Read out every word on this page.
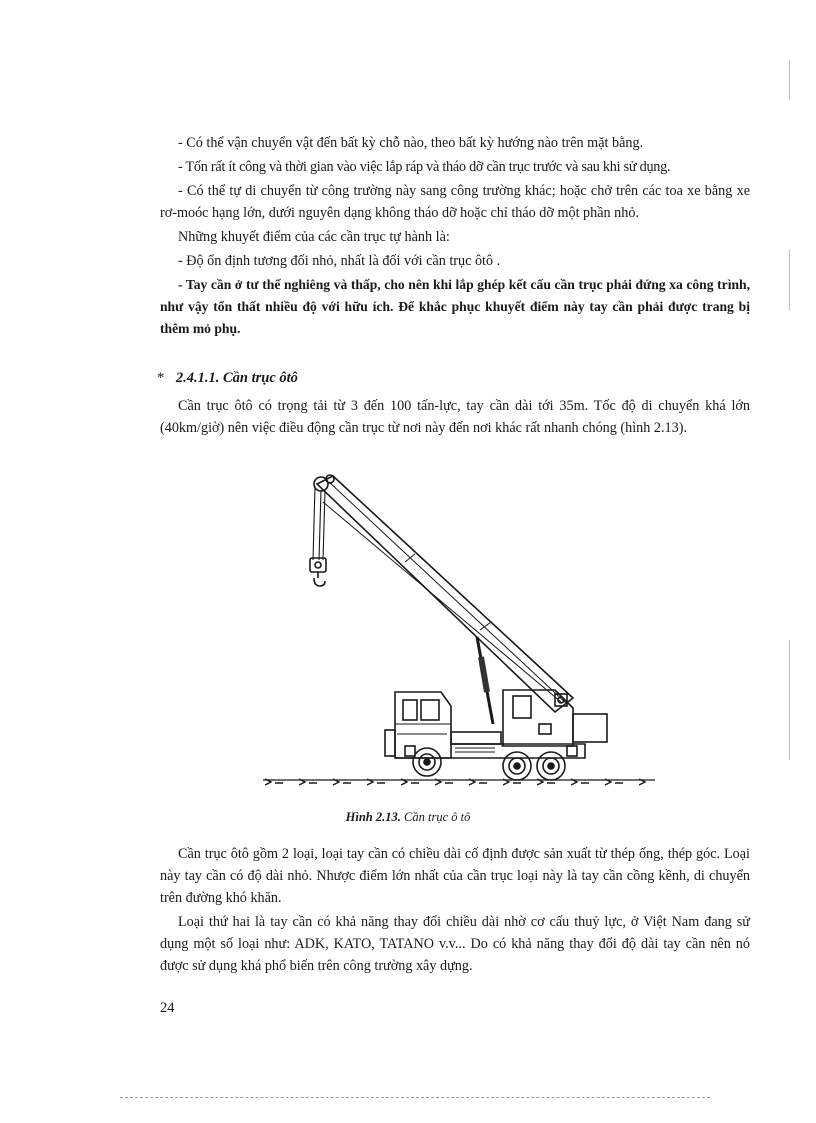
- Có thể vận chuyển vật đến bất kỳ chỗ nào, theo bất kỳ hướng nào trên mặt bằng.

- Tốn rất ít công và thời gian vào việc lắp ráp và tháo dỡ cần trục trước và sau khi sử dụng.

- Có thể tự di chuyển từ công trường này sang công trường khác; hoặc chở trên các toa xe bằng xe rơ-moóc hạng lớn, dưới nguyên dạng không tháo dỡ hoặc chỉ tháo dỡ một phần nhỏ.

Những khuyết điểm của các cần trục tự hành là:

- Độ ổn định tương đối nhỏ, nhất là đối với cần trục ôtô .

- Tay cần ở tư thế nghiêng và thấp, cho nên khi lắp ghép kết cấu cần trục phải đứng xa công trình, như vậy tổn thất nhiều độ với hữu ích. Để khắc phục khuyết điểm này tay cần phải được trang bị thêm mỏ phụ.

* 2.4.1.1. Cần trục ôtô

Cần trục ôtô có trọng tải từ 3 đến 100 tấn-lực, tay cần dài tới 35m. Tốc độ di chuyển khá lớn (40km/giờ) nên việc điều động cần trục từ nơi này đến nơi khác rất nhanh chóng (hình 2.13).

Hình 2.13. Cần trục ô tô

Cần trục ôtô gồm 2 loại, loại tay cần có chiều dài cố định được sản xuất từ thép ống, thép góc. Loại này tay cần có độ dài nhỏ. Nhược điểm lớn nhất của cần trục loại này là tay cần cồng kềnh, di chuyển trên đường khó khăn.

Loại thứ hai là tay cần có khả năng thay đổi chiều dài nhờ cơ cấu thuỷ lực, ở Việt Nam đang sử dụng một số loại như: ADK, KATO, TATANO v.v... Do có khả năng thay đổi độ dài tay cần nên nó được sử dụng khá phổ biến trên công trường xây dựng.

24
